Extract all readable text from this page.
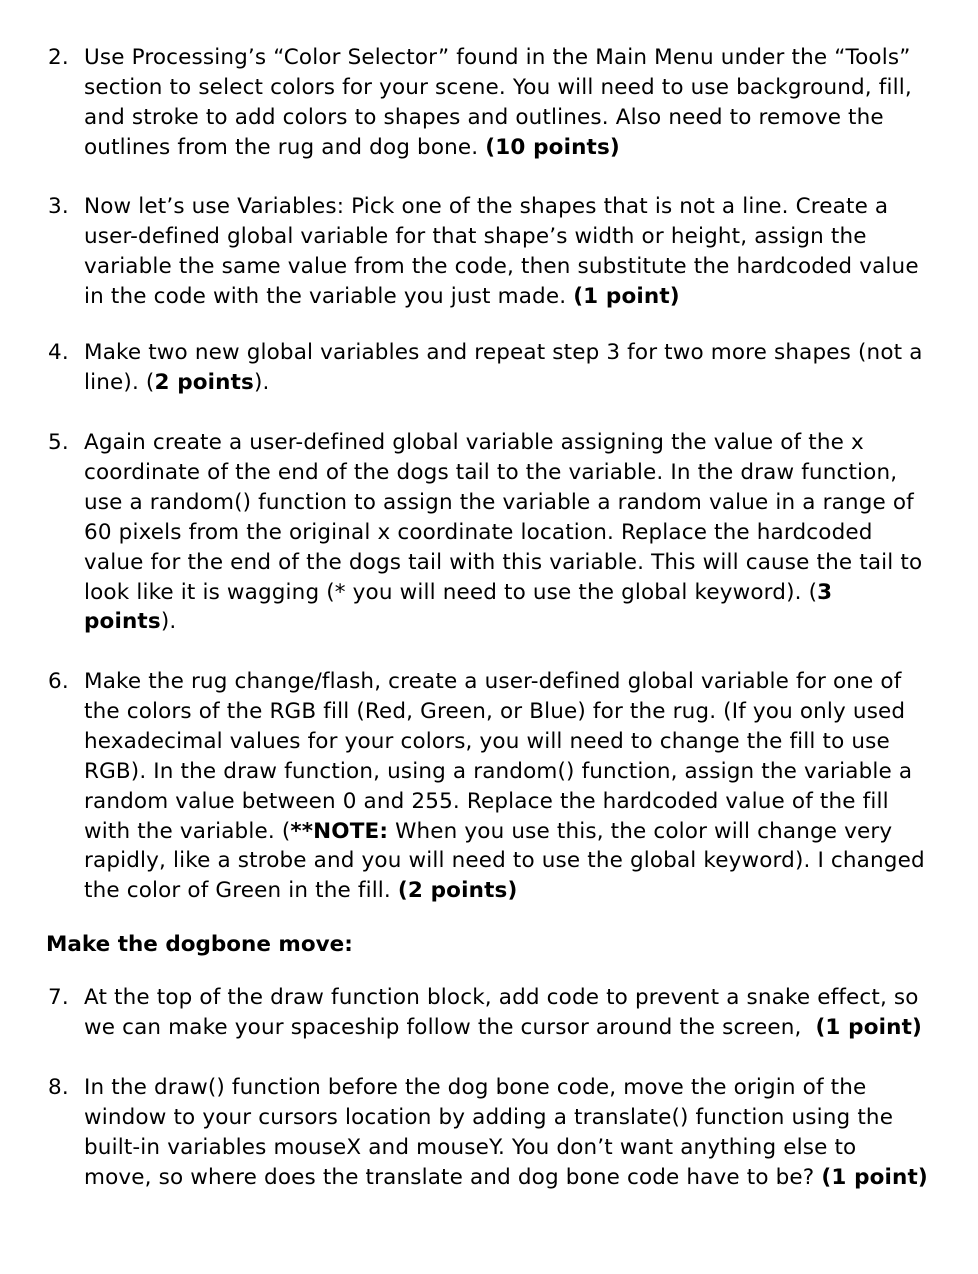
2. Use Processing’s “Color Selector” found in the Main Menu under the “Tools”
section to select colors for your scene. You will need to use background, fill,
and stroke to add colors to shapes and outlines. Also need to remove the
outlines from the rug and dog bone. (10 points)
3. Now let’s use Variables: Pick one of the shapes that is not a line. Create a
user-defined global variable for that shape’s width or height, assign the
variable the same value from the code, then substitute the hardcoded value
in the code with the variable you just made. (1 point)
4. Make two new global variables and repeat step 3 for two more shapes (not a
line). (2 points).
5. Again create a user-defined global variable assigning the value of the x
coordinate of the end of the dogs tail to the variable. In the draw function,
use a random() function to assign the variable a random value in a range of
60 pixels from the original x coordinate location. Replace the hardcoded
value for the end of the dogs tail with this variable. This will cause the tail to
look like it is wagging (* you will need to use the global keyword). (3
points).
6. Make the rug change/flash, create a user-defined global variable for one of
the colors of the RGB fill (Red, Green, or Blue) for the rug. (If you only used
hexadecimal values for your colors, you will need to change the fill to use
RGB). In the draw function, using a random() function, assign the variable a
random value between 0 and 255. Replace the hardcoded value of the fill
with the variable. (**NOTE: When you use this, the color will change very
rapidly, like a strobe and you will need to use the global keyword). I changed
the color of Green in the fill. (2 points)
Make the dogbone move:
7. At the top of the draw function block, add code to prevent a snake effect, so
we can make your spaceship follow the cursor around the screen,  (1 point)
8. In the draw() function before the dog bone code, move the origin of the
window to your cursors location by adding a translate() function using the
built-in variables mouseX and mouseY. You don’t want anything else to
move, so where does the translate and dog bone code have to be? (1 point)
